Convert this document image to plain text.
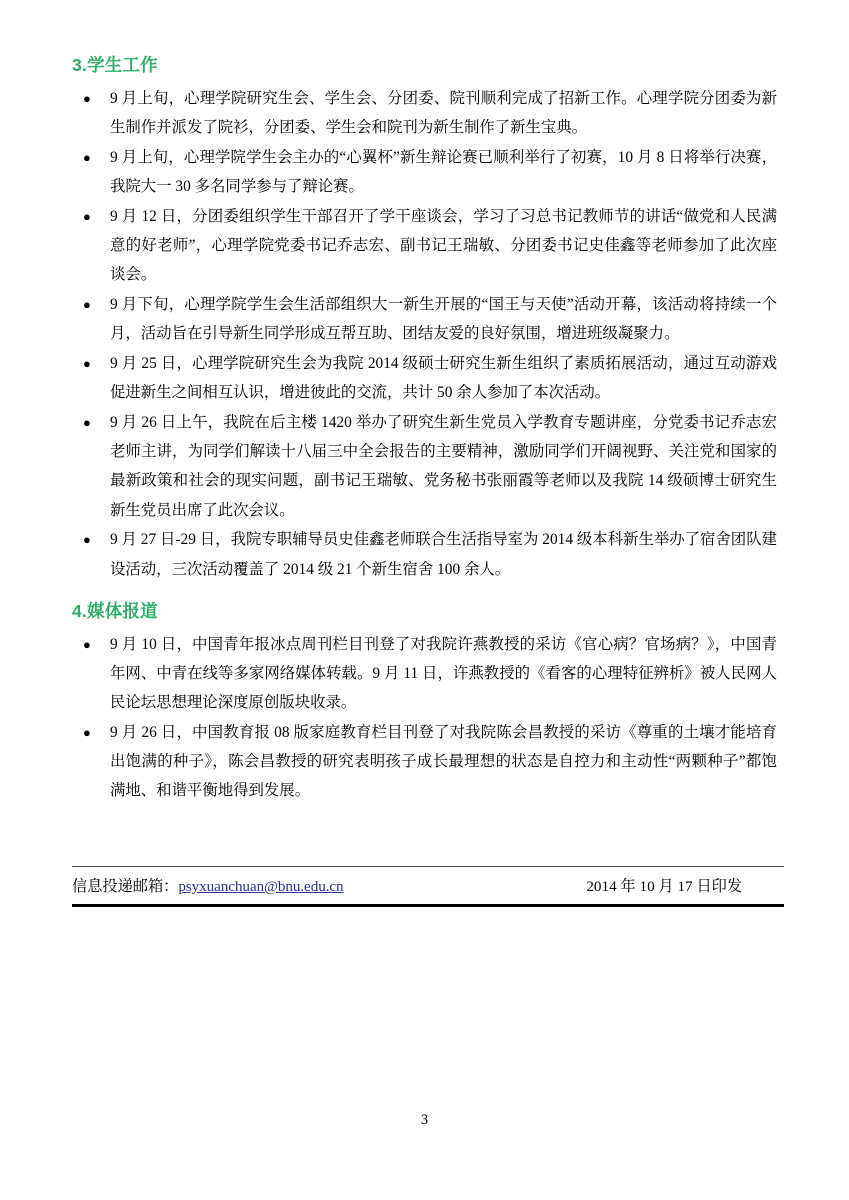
3.学生工作
● 9 月上旬，心理学院研究生会、学生会、分团委、院刊顺利完成了招新工作。心理学院分团委为新生制作并派发了院衫，分团委、学生会和院刊为新生制作了新生宝典。
● 9 月上旬，心理学院学生会主办的“心翼杯”新生辩论赛已顺利举行了初赛，10 月 8 日将举行决赛，我院大一 30 多名同学参与了辩论赛。
● 9 月 12 日，分团委组织学生干部召开了学干座谈会，学习了习总书记教师节的讲话“做党和人民满意的好老师”，心理学院党委书记乔志宏、副书记王瑞敏、分团委书记史佳鑫等老师参加了此次座谈会。
● 9 月下旬，心理学院学生会生活部组织大一新生开展的“国王与天使”活动开幕，该活动将持续一个月，活动旨在引导新生同学形成互帮互助、团结友爱的良好氛围，增进班级凝聚力。
● 9 月 25 日，心理学院研究生会为我院 2014 级硕士研究生新生组织了素质拓展活动，通过互动游戏促进新生之间相互认识，增进彼此的交流，共计 50 余人参加了本次活动。
● 9 月 26 日上午，我院在后主楼 1420 举办了研究生新生党员入学教育专题讲座，分党委书记乔志宏老师主讲，为同学们解读十八届三中全会报告的主要精神，激励同学们开阔视野、关注党和国家的最新政策和社会的现实问题，副书记王瑞敏、党务秘书张丽霞等老师以及我院 14 级硕博士研究生新生党员出席了此次会议。
● 9 月 27 日-29 日，我院专职辅导员史佳鑫老师联合生活指导室为 2014 级本科新生举办了宿舍团队建设活动，三次活动覆盖了 2014 级 21 个新生宿舍 100 余人。
4.媒体报道
● 9 月 10 日，中国青年报冰点周刊栏目刊登了对我院许燕教授的采访《官心病？官场病？》，中国青年网、中青在线等多家网络媒体转载。9 月 11 日，许燕教授的《看客的心理特征辨析》被人民网人民论坛思想理论深度原创版块收录。
● 9 月 26 日，中国教育报 08 版家庭教育栏目刊登了对我院陈会昌教授的采访《尊重的土壤才能培育出饱满的种子》，陈会昌教授的研究表明孩子成长最理想的状态是自控力和主动性“两颗种子”都饱满地、和谐平衡地得到发展。
信息投递邮箱： psyxuanchuan@bnu.edu.cn	2014 年 10 月 17 日印发
3
